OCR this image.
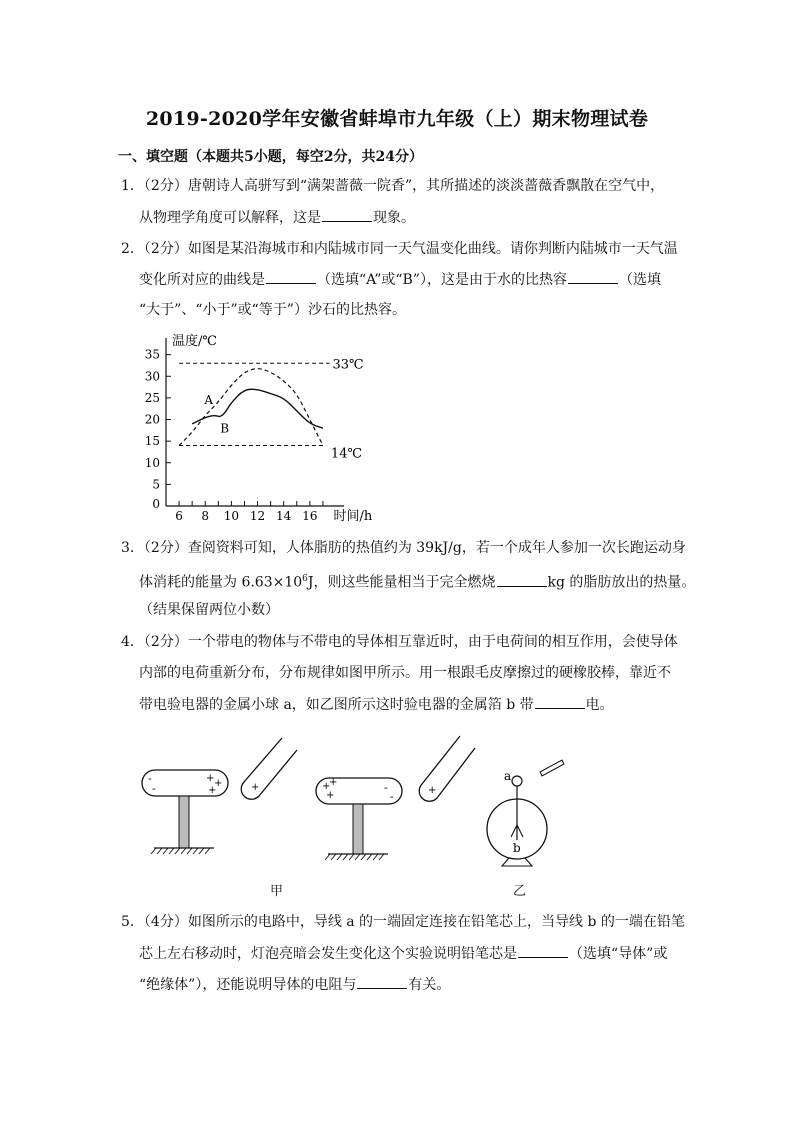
2019-2020学年安徽省蚌埠市九年级（上）期末物理试卷
一、填空题（本题共5小题，每空2分，共24分）
1．（2分）唐朝诗人高骈写到“满架蔷薇一院香”，其所描述的淡淡蔷薇香飘散在空气中，
从物理学角度可以解释，这是	现象。
2．（2分）如图是某沿海城市和内陆城市同一天气温变化曲线。请你判断内陆城市一天气温
变化所对应的曲线是	（选填“A”或“B”），这是由于水的比热容	（选填
“大于”、“小于”或“等于”）沙石的比热容。
温度/℃
时间/h
0
5
10
15
20
25
30
35
6 8 10 12 14 16
33℃
14℃
A
B
3．（2分）查阅资料可知，人体脂肪的热值约为 39kJ/g，若一个成年人参加一次长跑运动身
体消耗的能量为 $6.63\times 10^6J$，则这些能量相当于完全燃烧	kg 的脂肪放出的热量。
（结果保留两位小数）
4．（2分）一个带电的物体与不带电的导体相互靠近时，由于电荷间的相互作用，会使导体
内部的电荷重新分布，分布规律如图甲所示。用一根跟毛皮摩擦过的硬橡胶棒，靠近不
带电验电器的金属小球 a，如乙图所示这时验电器的金属箔 b 带	电。
-
-
+ +
+	+	+
+
+
-
-	+
a
b
甲	乙
5．（4分）如图所示的电路中，导线 a 的一端固定连接在铅笔芯上，当导线 b 的一端在铅笔
芯上左右移动时，灯泡亮暗会发生变化这个实验说明铅笔芯是	（选填“导体”或
“绝缘体”），还能说明导体的电阻与	有关。
